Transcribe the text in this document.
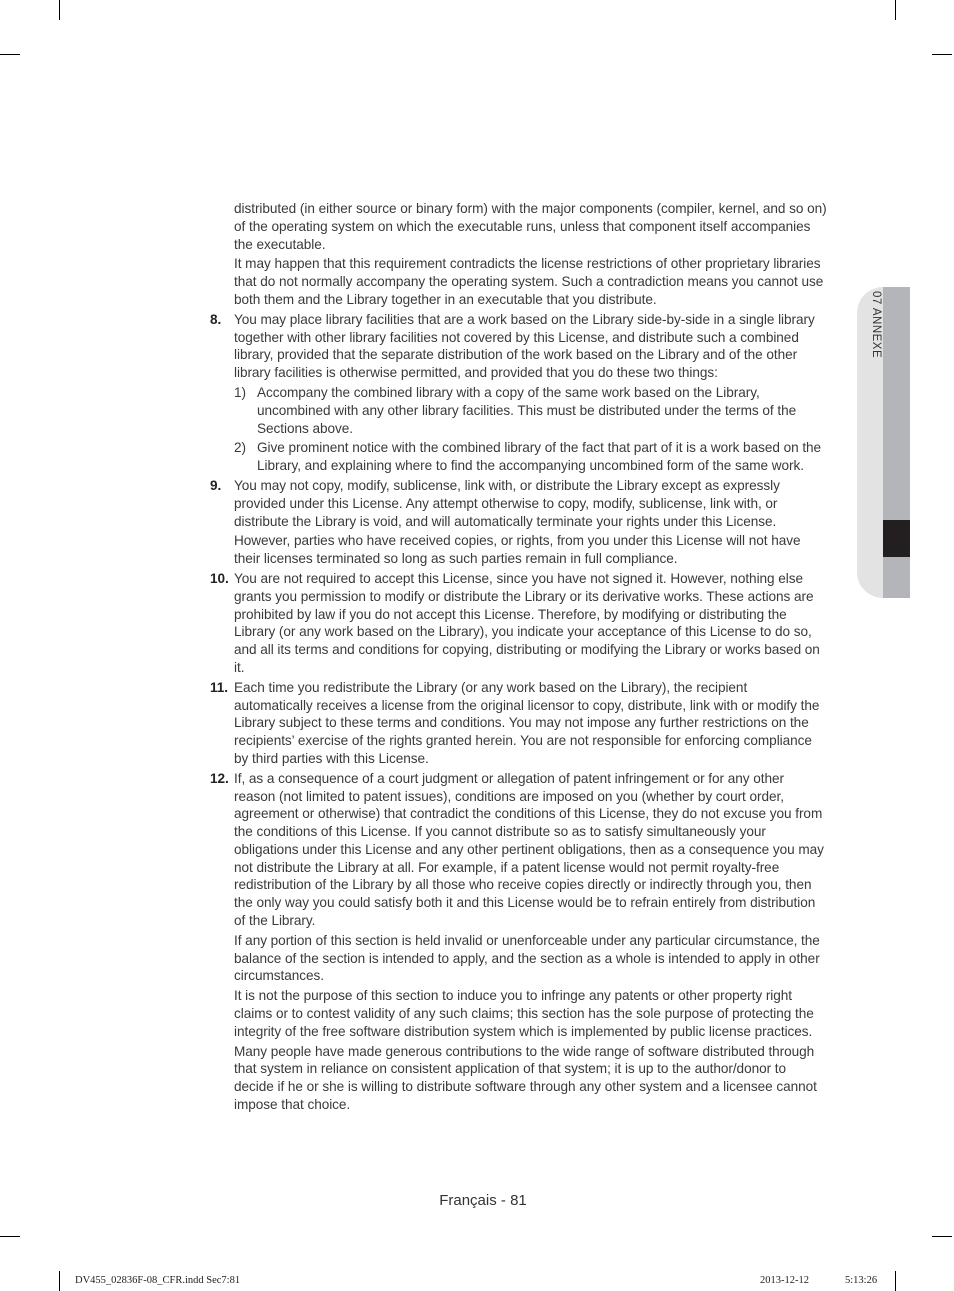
07 ANNEXE

distributed (in either source or binary form) with the major components (compiler, kernel, and so on) of the operating system on which the executable runs, unless that component itself accompanies the executable.

It may happen that this requirement contradicts the license restrictions of other proprietary libraries that do not normally accompany the operating system. Such a contradiction means you cannot use both them and the Library together in an executable that you distribute.

8. You may place library facilities that are a work based on the Library side-by-side in a single library together with other library facilities not covered by this License, and distribute such a combined library, provided that the separate distribution of the work based on the Library and of the other library facilities is otherwise permitted, and provided that you do these two things:

1) Accompany the combined library with a copy of the same work based on the Library, uncombined with any other library facilities. This must be distributed under the terms of the Sections above.
2) Give prominent notice with the combined library of the fact that part of it is a work based on the Library, and explaining where to find the accompanying uncombined form of the same work.
9. You may not copy, modify, sublicense, link with, or distribute the Library except as expressly provided under this License. Any attempt otherwise to copy, modify, sublicense, link with, or distribute the Library is void, and will automatically terminate your rights under this License.

However, parties who have received copies, or rights, from you under this License will not have their licenses terminated so long as such parties remain in full compliance.

10. You are not required to accept this License, since you have not signed it. However, nothing else grants you permission to modify or distribute the Library or its derivative works. These actions are prohibited by law if you do not accept this License. Therefore, by modifying or distributing the Library (or any work based on the Library), you indicate your acceptance of this License to do so, and all its terms and conditions for copying, distributing or modifying the Library or works based on it.

11. Each time you redistribute the Library (or any work based on the Library), the recipient automatically receives a license from the original licensor to copy, distribute, link with or modify the Library subject to these terms and conditions. You may not impose any further restrictions on the recipients’ exercise of the rights granted herein. You are not responsible for enforcing compliance by third parties with this License.

12. If, as a consequence of a court judgment or allegation of patent infringement or for any other reason (not limited to patent issues), conditions are imposed on you (whether by court order, agreement or otherwise) that contradict the conditions of this License, they do not excuse you from the conditions of this License. If you cannot distribute so as to satisfy simultaneously your obligations under this License and any other pertinent obligations, then as a consequence you may not distribute the Library at all. For example, if a patent license would not permit royalty-free redistribution of the Library by all those who receive copies directly or indirectly through you, then the only way you could satisfy both it and this License would be to refrain entirely from distribution of the Library.

If any portion of this section is held invalid or unenforceable under any particular circumstance, the balance of the section is intended to apply, and the section as a whole is intended to apply in other circumstances.

It is not the purpose of this section to induce you to infringe any patents or other property right claims or to contest validity of any such claims; this section has the sole purpose of protecting the integrity of the free software distribution system which is implemented by public license practices.

Many people have made generous contributions to the wide range of software distributed through that system in reliance on consistent application of that system; it is up to the author/donor to decide if he or she is willing to distribute software through any other system and a licensee cannot impose that choice.

Français - 81
DV455_02836F-08_CFR.indd Sec7:81	2013-12-12	5:13:26
